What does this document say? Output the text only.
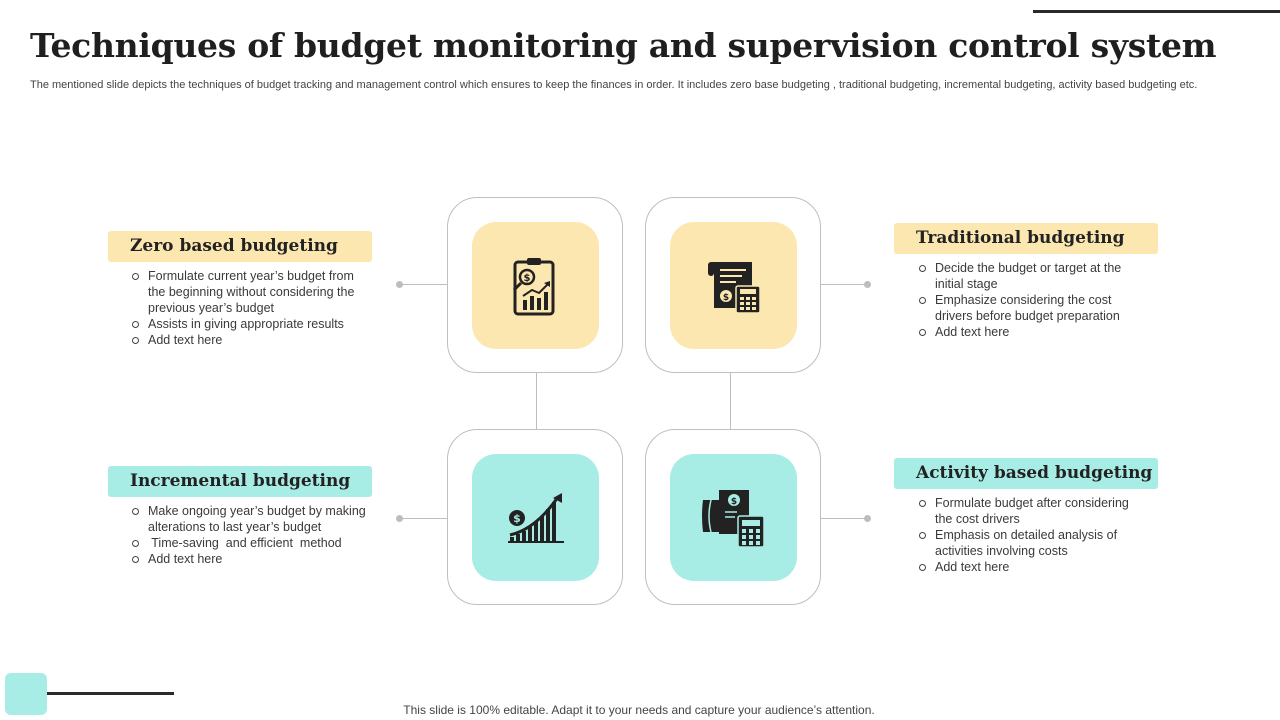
Techniques of budget monitoring and supervision control system

The mentioned slide depicts the techniques of budget tracking and management control which ensures to keep the finances in order. It includes zero base budgeting , traditional budgeting, incremental budgeting, activity based budgeting etc.

Zero based budgeting
Formulate current year’s budget from the beginning without considering the previous year’s budget
Assists in giving appropriate results
Add text here
Traditional budgeting
Decide the budget or target at the initial stage
Emphasize considering the cost drivers before budget preparation
Add text here
Incremental budgeting
Make ongoing year’s budget by making alterations to last year’s budget
Time-saving  and efficient  method
Add text here
Activity based budgeting
Formulate budget after considering the cost drivers
Emphasis on detailed analysis of activities involving costs
Add text here
$
$
$
$
This slide is 100% editable. Adapt it to your needs and capture your audience’s attention.
